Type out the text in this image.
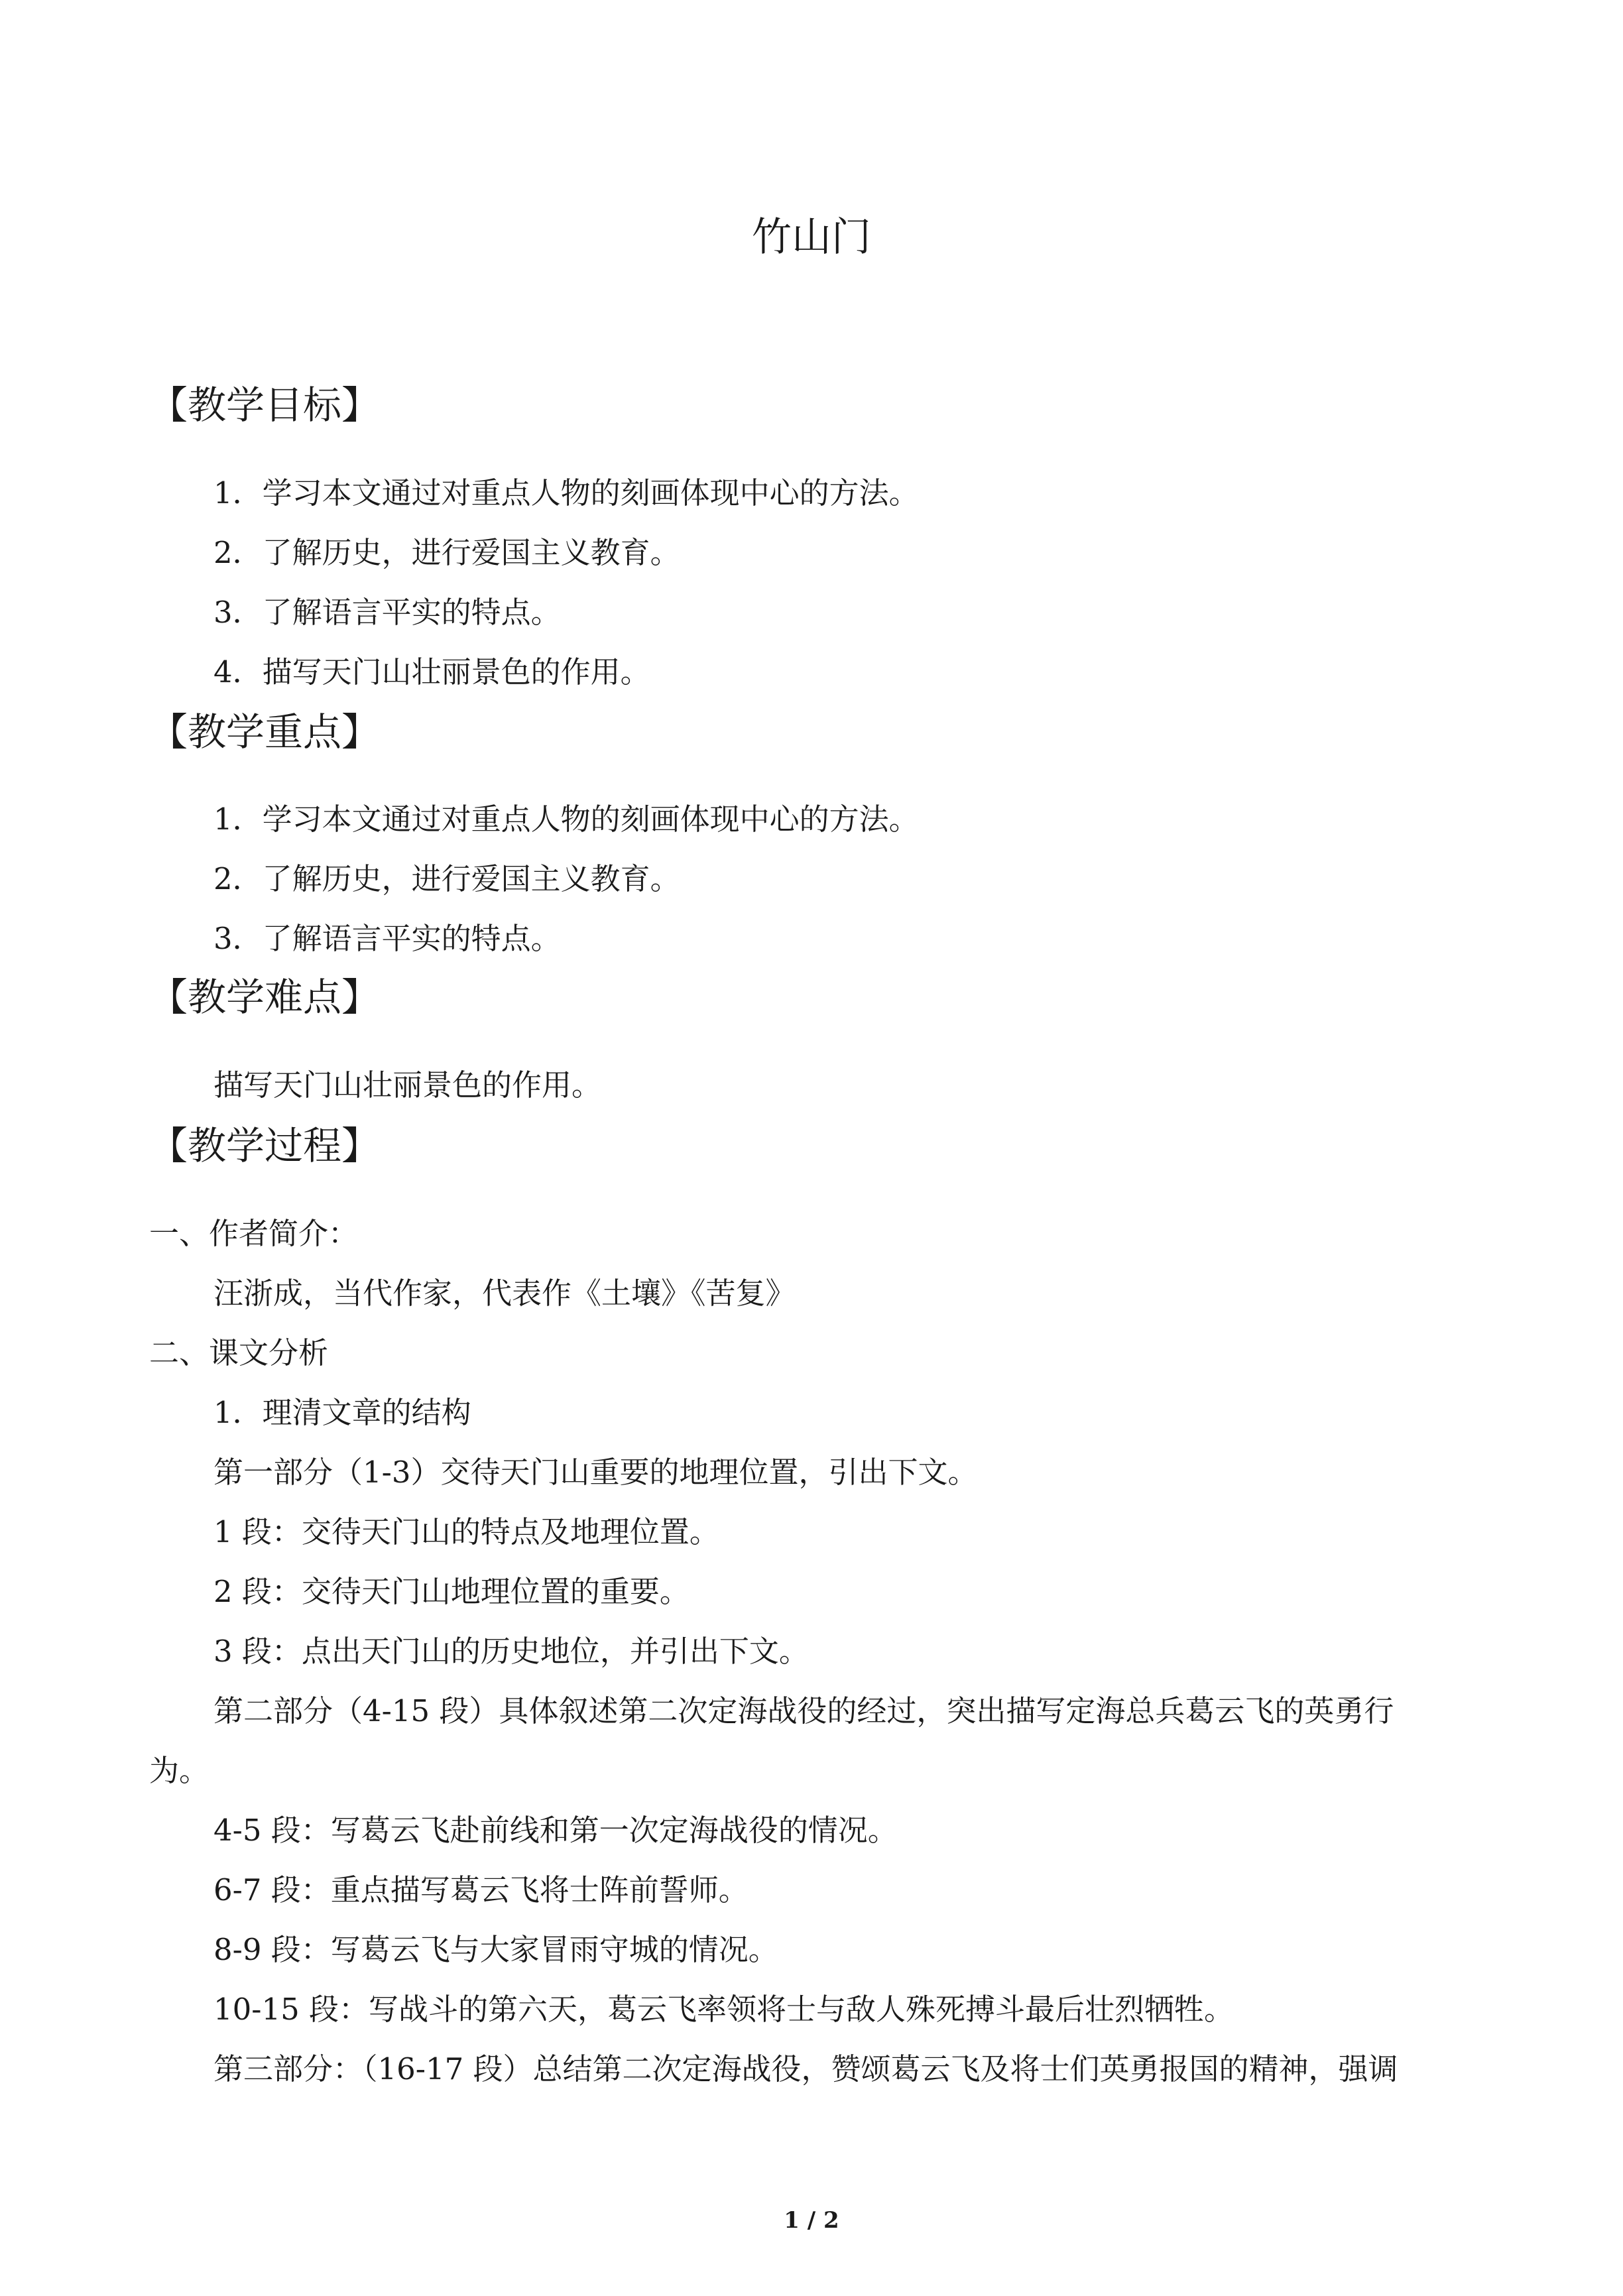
竹山门
【教学目标】
1．学习本文通过对重点人物的刻画体现中心的方法。
2．了解历史，进行爱国主义教育。
3．了解语言平实的特点。
4．描写天门山壮丽景色的作用。
【教学重点】
1．学习本文通过对重点人物的刻画体现中心的方法。
2．了解历史，进行爱国主义教育。
3．了解语言平实的特点。
【教学难点】
描写天门山壮丽景色的作用。
【教学过程】
一、作者简介：
汪浙成，当代作家，代表作《土壤》《苦复》
二、课文分析
1．理清文章的结构
第一部分（1-3）交待天门山重要的地理位置，引出下文。
1 段：交待天门山的特点及地理位置。
2 段：交待天门山地理位置的重要。
3 段：点出天门山的历史地位，并引出下文。
第二部分（4-15 段）具体叙述第二次定海战役的经过，突出描写定海总兵葛云飞的英勇行
为。
4-5 段：写葛云飞赴前线和第一次定海战役的情况。
6-7 段：重点描写葛云飞将士阵前誓师。
8-9 段：写葛云飞与大家冒雨守城的情况。
10-15 段：写战斗的第六天，葛云飞率领将士与敌人殊死搏斗最后壮烈牺牲。
第三部分：（16-17 段）总结第二次定海战役，赞颂葛云飞及将士们英勇报国的精神，强调
1 / 2
